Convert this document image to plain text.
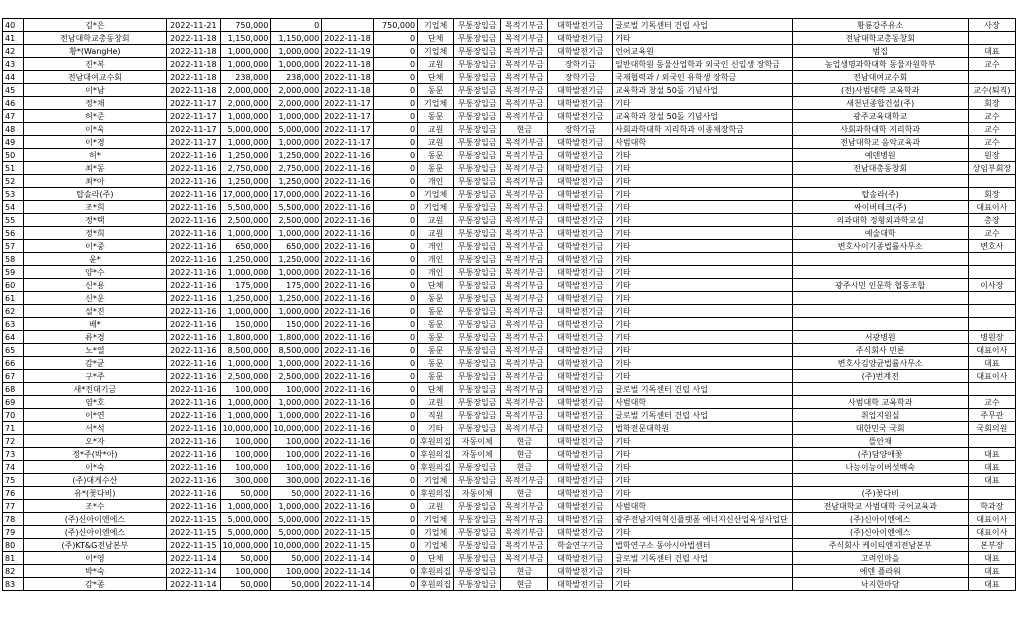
40	김*은	2022-11-21	750,000	0		750,000	기업체	무통장입금	목적기부금	대학발전기금	글로벌 기독센터 건립 사업	황룡강주유소	사장
41	전남대학교총동창회	2022-11-18	1,150,000	1,150,000	2022-11-18	0	단체	무통장입금	목적기부금	대학발전기금	기타	전남대학교총동창회	
42	황*(WangHe)	2022-11-18	1,000,000	1,000,000	2022-11-19	0	기업체	무통장입금	목적기부금	대학발전기금	언어교육원	범집	대표
43	진*복	2022-11-18	1,000,000	1,000,000	2022-11-18	0	교원	무통장입금	목적기부금	장학기금	일반대학원 동물산업학과 외국인 신입생 장학금	농업생명과학대학 동물자원학부	교수
44	전남대여교수회	2022-11-18	238,000	238,000	2022-11-18	0	단체	무통장입금	목적기부금	장학기금	국제협력과 / 외국인 유학생 장학금	전남대여교수회	
45	이*남	2022-11-18	2,000,000	2,000,000	2022-11-18	0	동문	무통장입금	목적기부금	대학발전기금	교육학과 창설 50돌 기념사업	(전)사범대학 교육학과	교수(퇴직)
46	정*채	2022-11-17	2,000,000	2,000,000	2022-11-17	0	기업체	무통장입금	목적기부금	대학발전기금	기타	새천년종합건설(주)	회장
47	허*준	2022-11-17	1,000,000	1,000,000	2022-11-17	0	동문	무통장입금	목적기부금	대학발전기금	교육학과 창설 50돌 기념사업	광주교육대학교	교수
48	이*욱	2022-11-17	5,000,000	5,000,000	2022-11-17	0	교원	무통장입금	현금	장학기금	사회과학대학 지리학과 이종채장학금	사회과학대학 지리학과	교수
49	이*경	2022-11-17	1,000,000	1,000,000	2022-11-17	0	교원	무통장입금	목적기부금	대학발전기금	사범대학	전남대학교 음악교육과	교수
50	허*	2022-11-16	1,250,000	1,250,000	2022-11-16	0	동문	무통장입금	목적기부금	대학발전기금	기타	예덴병원	원장
51	최*동	2022-11-16	2,750,000	2,750,000	2022-11-16	0	동문	무통장입금	목적기부금	대학발전기금	기타	전남대총동창회	상임부회장
52	최*아	2022-11-16	1,250,000	1,250,000	2022-11-16	0	개인	무통장입금	목적기부금	대학발전기금	기타		
53	탑솔라(주)	2022-11-16	17,000,000	17,000,000	2022-11-16	0	기업체	무통장입금	목적기부금	대학발전기금	기타	탑솔라(주)	회장
54	조*희	2022-11-16	5,500,000	5,500,000	2022-11-16	0	기업체	무통장입금	목적기부금	대학발전기금	기타	싸이버테크(주)	대표이사
55	정*택	2022-11-16	2,500,000	2,500,000	2022-11-16	0	교원	무통장입금	목적기부금	대학발전기금	기타	의과대학 정형외과학교실	총장
56	정*희	2022-11-16	1,000,000	1,000,000	2022-11-16	0	교원	무통장입금	목적기부금	대학발전기금	기타	예술대학	교수
57	이*중	2022-11-16	650,000	650,000	2022-11-16	0	개인	무통장입금	목적기부금	대학발전기금	기타	변호사이기종법률사무소	변호사
58	윤*	2022-11-16	1,250,000	1,250,000	2022-11-16	0	개인	무통장입금	목적기부금	대학발전기금	기타		
59	양*수	2022-11-16	1,000,000	1,000,000	2022-11-16	0	개인	무통장입금	목적기부금	대학발전기금	기타		
60	신*용	2022-11-16	175,000	175,000	2022-11-16	0	단체	무통장입금	목적기부금	대학발전기금	기타	광주시민 인문학 협동조합	이사장
61	신*운	2022-11-16	1,250,000	1,250,000	2022-11-16	0	동문	무통장입금	목적기부금	대학발전기금	기타		
62	설*진	2022-11-16	1,000,000	1,000,000	2022-11-16	0	동문	무통장입금	목적기부금	대학발전기금	기타		
63	배*	2022-11-16	150,000	150,000	2022-11-16	0	동문	무통장입금	목적기부금	대학발전기금	기타		
64	류*경	2022-11-16	1,800,000	1,800,000	2022-11-16	0	동문	무통장입금	목적기부금	대학발전기금	기타	서광병원	병원장
65	노*열	2022-11-16	8,500,000	8,500,000	2022-11-16	0	동문	무통장입금	목적기부금	대학발전기금	기타	주식회사 민론	대표이사
66	감*균	2022-11-16	1,000,000	1,000,000	2022-11-16	0	동문	무통장입금	목적기부금	대학발전기금	기타	변호사김양균법률사무소	대표
67	구*주	2022-11-16	2,500,000	2,500,000	2022-11-16	0	동문	무통장입금	목적기부금	대학발전기금	기타	(주)번계전	대표이사
68	새*전대기금	2022-11-16	100,000	100,000	2022-11-16	0	단체	무통장입금	목적기부금	대학발전기금	글로벌 기독센터 건립 사업		
69	염*호	2022-11-16	1,000,000	1,000,000	2022-11-16	0	교원	무통장입금	목적기부금	대학발전기금	사범대학	사범대학 교육학과	교수
70	이*연	2022-11-16	1,000,000	1,000,000	2022-11-16	0	직원	무통장입금	목적기부금	대학발전기금	글로벌 기독센터 건립 사업	취업지원실	주무관
71	서*석	2022-11-16	10,000,000	10,000,000	2022-11-16	0	기타	무통장입금	목적기부금	대학발전기금	법학전문대학원	대한민국 국회	국회의원
72	오*자	2022-11-16	100,000	100,000	2022-11-16	0	후원의집	자동이체	현금	대학발전기금	기타	뜰안채	
73	정*주(박*아)	2022-11-16	100,000	100,000	2022-11-16	0	후원의집	자동이체	현금	대학발전기금	기타	(주)담양애꽃	대표
74	이*숙	2022-11-16	100,000	100,000	2022-11-16	0	후원의집	무통장입금	현금	대학발전기금	기타	나능이능이버섯백숙	대표
75	(주)대게수산	2022-11-16	300,000	300,000	2022-11-16	0	기업체	무통장입금	목적기부금	대학발전기금	기타		대표
76	유*(꽃다비)	2022-11-16	50,000	50,000	2022-11-16	0	후원의집	자동이체	현금	대학발전기금	기타	(주)꽃다비	
77	조*수	2022-11-16	1,000,000	1,000,000	2022-11-16	0	교원	무통장입금	목적기부금	대학발전기금	사범대학	전남대학교 사범대학 국어교육과	학과장
78	(주)신아이엔에스	2022-11-15	5,000,000	5,000,000	2022-11-15	0	기업체	무통장입금	목적기부금	대학발전기금	광주전남지역혁신플랫폼 에너지신산업육성사업단	(주)신아이엔에스	대표이사
79	(주)신아이엔에스	2022-11-15	5,000,000	5,000,000	2022-11-15	0	기업체	무통장입금	목적기부금	대학발전기금	기타	(주)신아이엔에스	대표이사
80	(주)KT&G전남본부	2022-11-15	10,000,000	10,000,000	2022-11-15	0	기업체	무통장입금	목적기부금	학술연구기금	법학연구소 동아시아법센터	주식회사 케이티엔지전남본부	본부장
81	이*영	2022-11-14	50,000	50,000	2022-11-14	0	단체	무통장입금	목적기부금	대학발전기금	글로벌 기독센터 건립 사업	고려인마을	대표
82	박*숙	2022-11-14	100,000	100,000	2022-11-14	0	후원의집	무통장입금	현금	대학발전기금	기타	에덴 플라워	대표
83	감*종	2022-11-14	50,000	50,000	2022-11-14	0	후원의집	무통장입금	현금	대학발전기금	기타	낙지한마당	대표
